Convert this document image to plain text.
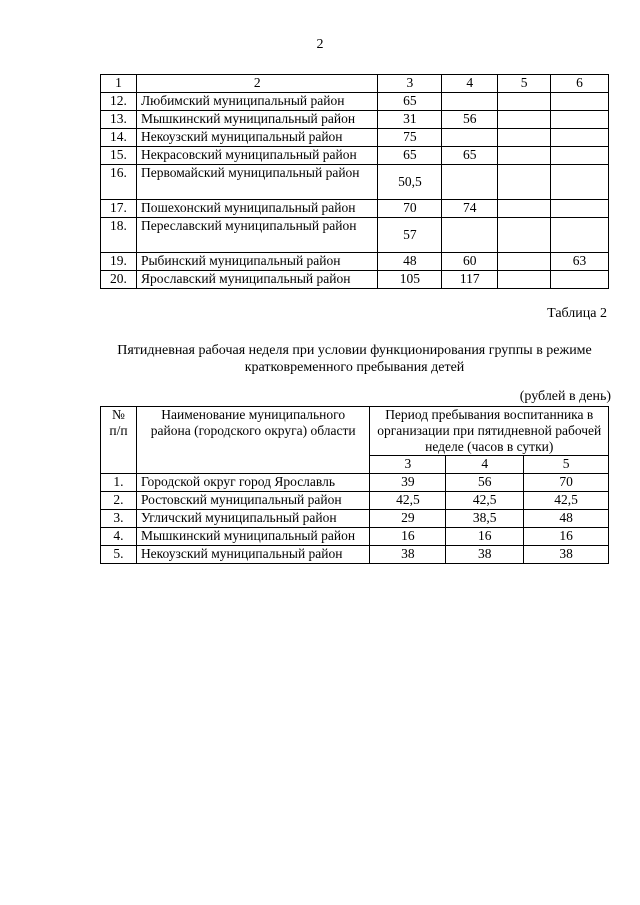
2
1	2	3	4	5	6
12.	Любимский муниципальный район	65			
13.	Мышкинский муниципальный район	31	56		
14.	Некоузский муниципальный район	75			
15.	Некрасовский муниципальный район	65	65		
16.	Первомайский муниципальный район	50,5			
17.	Пошехонский муниципальный район	70	74		
18.	Переславский муниципальный район	57			
19.	Рыбинский муниципальный район	48	60		63
20.	Ярославский муниципальный район	105	117		
Таблица 2
Пятидневная рабочая неделя при условии функционирования группы в режиме кратковременного пребывания детей
(рублей в день)
№ п/п	Наименование муниципального района (городского округа) области	Период пребывания воспитанника в организации при пятидневной рабочей неделе (часов в сутки)		
		3	4	5
1.	Городской округ город Ярославль	39	56	70
2.	Ростовский муниципальный район	42,5	42,5	42,5
3.	Угличский муниципальный район	29	38,5	48
4.	Мышкинский муниципальный район	16	16	16
5.	Некоузский муниципальный район	38	38	38
